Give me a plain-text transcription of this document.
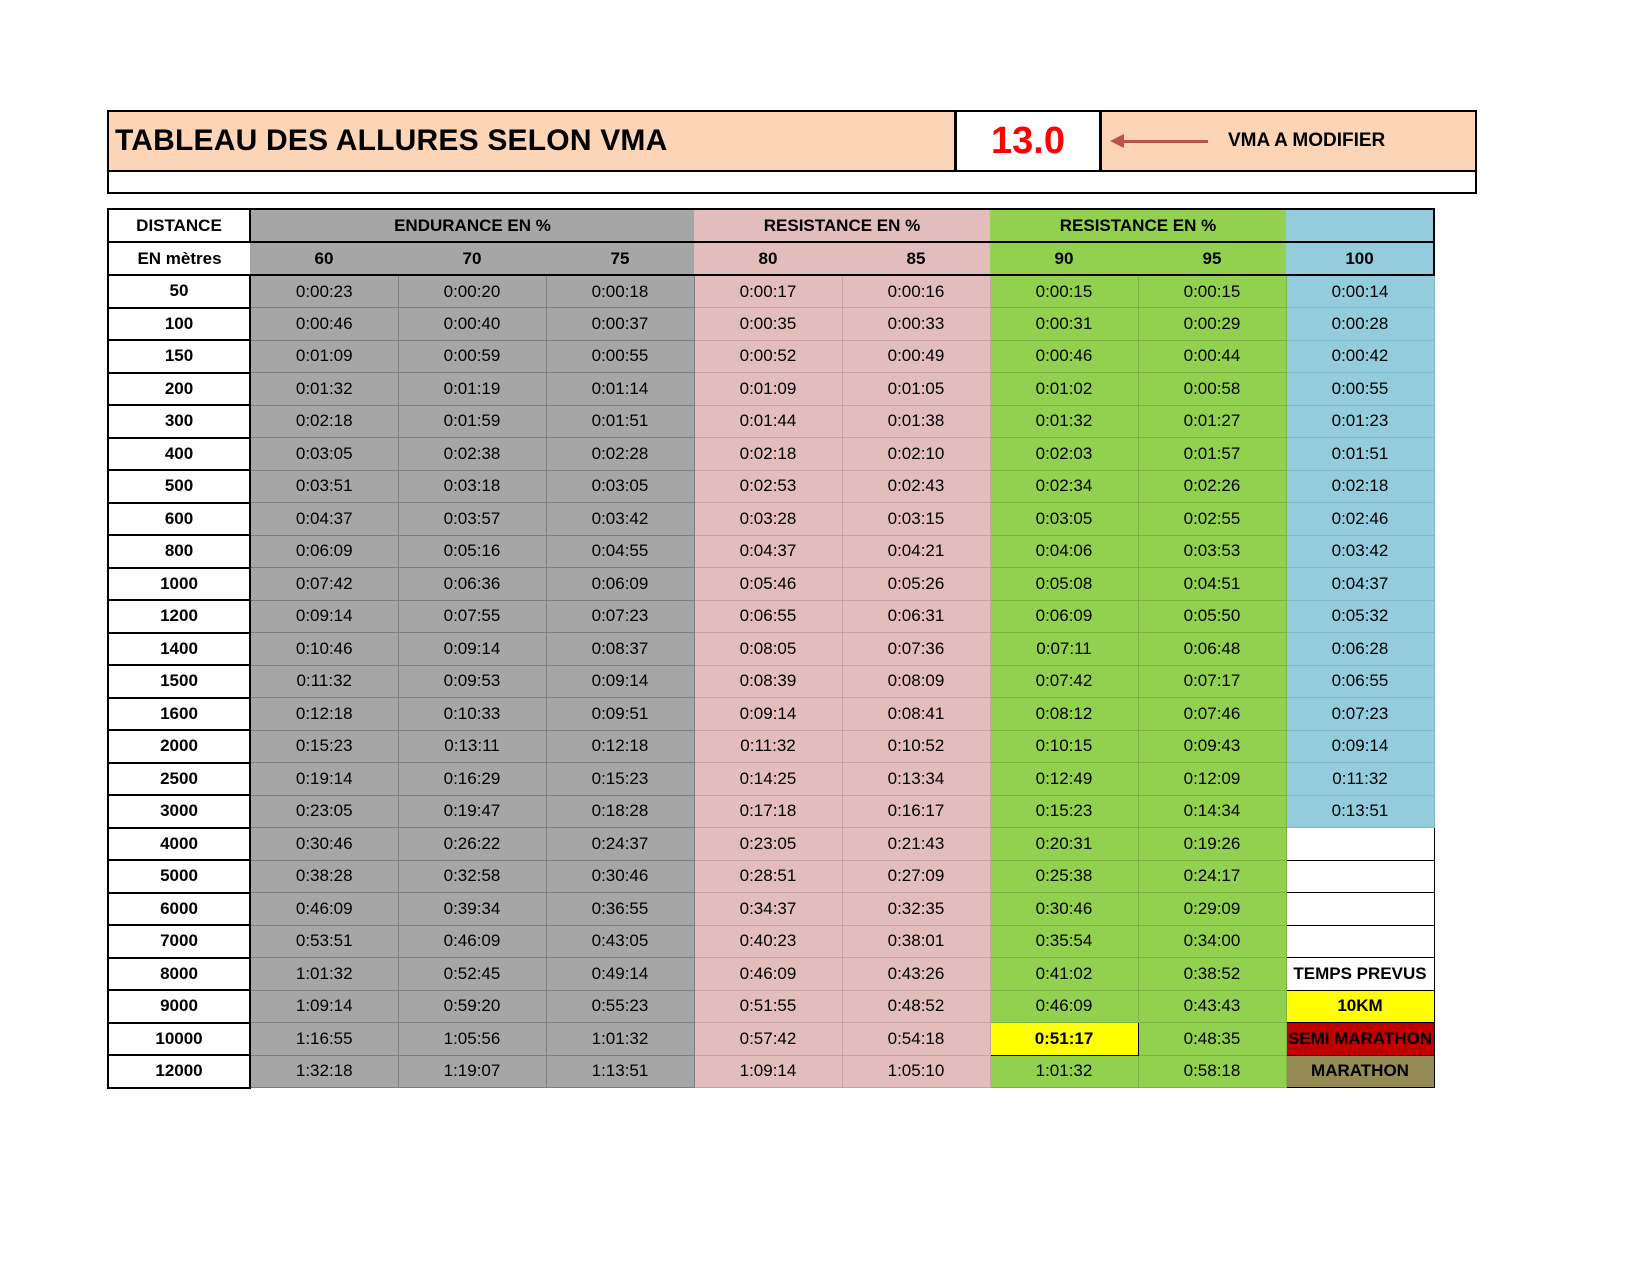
TABLEAU DES ALLURES SELON VMA	13.0	VMA A MODIFIER
DISTANCE	ENDURANCE EN %			RESISTANCE EN %		RESISTANCE EN %		
EN mètres	60	70	75	80	85	90	95	100
50	0:00:23	0:00:20	0:00:18	0:00:17	0:00:16	0:00:15	0:00:15	0:00:14
100	0:00:46	0:00:40	0:00:37	0:00:35	0:00:33	0:00:31	0:00:29	0:00:28
150	0:01:09	0:00:59	0:00:55	0:00:52	0:00:49	0:00:46	0:00:44	0:00:42
200	0:01:32	0:01:19	0:01:14	0:01:09	0:01:05	0:01:02	0:00:58	0:00:55
300	0:02:18	0:01:59	0:01:51	0:01:44	0:01:38	0:01:32	0:01:27	0:01:23
400	0:03:05	0:02:38	0:02:28	0:02:18	0:02:10	0:02:03	0:01:57	0:01:51
500	0:03:51	0:03:18	0:03:05	0:02:53	0:02:43	0:02:34	0:02:26	0:02:18
600	0:04:37	0:03:57	0:03:42	0:03:28	0:03:15	0:03:05	0:02:55	0:02:46
800	0:06:09	0:05:16	0:04:55	0:04:37	0:04:21	0:04:06	0:03:53	0:03:42
1000	0:07:42	0:06:36	0:06:09	0:05:46	0:05:26	0:05:08	0:04:51	0:04:37
1200	0:09:14	0:07:55	0:07:23	0:06:55	0:06:31	0:06:09	0:05:50	0:05:32
1400	0:10:46	0:09:14	0:08:37	0:08:05	0:07:36	0:07:11	0:06:48	0:06:28
1500	0:11:32	0:09:53	0:09:14	0:08:39	0:08:09	0:07:42	0:07:17	0:06:55
1600	0:12:18	0:10:33	0:09:51	0:09:14	0:08:41	0:08:12	0:07:46	0:07:23
2000	0:15:23	0:13:11	0:12:18	0:11:32	0:10:52	0:10:15	0:09:43	0:09:14
2500	0:19:14	0:16:29	0:15:23	0:14:25	0:13:34	0:12:49	0:12:09	0:11:32
3000	0:23:05	0:19:47	0:18:28	0:17:18	0:16:17	0:15:23	0:14:34	0:13:51
4000	0:30:46	0:26:22	0:24:37	0:23:05	0:21:43	0:20:31	0:19:26	
5000	0:38:28	0:32:58	0:30:46	0:28:51	0:27:09	0:25:38	0:24:17	
6000	0:46:09	0:39:34	0:36:55	0:34:37	0:32:35	0:30:46	0:29:09	
7000	0:53:51	0:46:09	0:43:05	0:40:23	0:38:01	0:35:54	0:34:00	
8000	1:01:32	0:52:45	0:49:14	0:46:09	0:43:26	0:41:02	0:38:52	TEMPS PREVUS
9000	1:09:14	0:59:20	0:55:23	0:51:55	0:48:52	0:46:09	0:43:43	10KM
10000	1:16:55	1:05:56	1:01:32	0:57:42	0:54:18	0:51:17	0:48:35	SEMI MARATHON
12000	1:32:18	1:19:07	1:13:51	1:09:14	1:05:10	1:01:32	0:58:18	MARATHON
